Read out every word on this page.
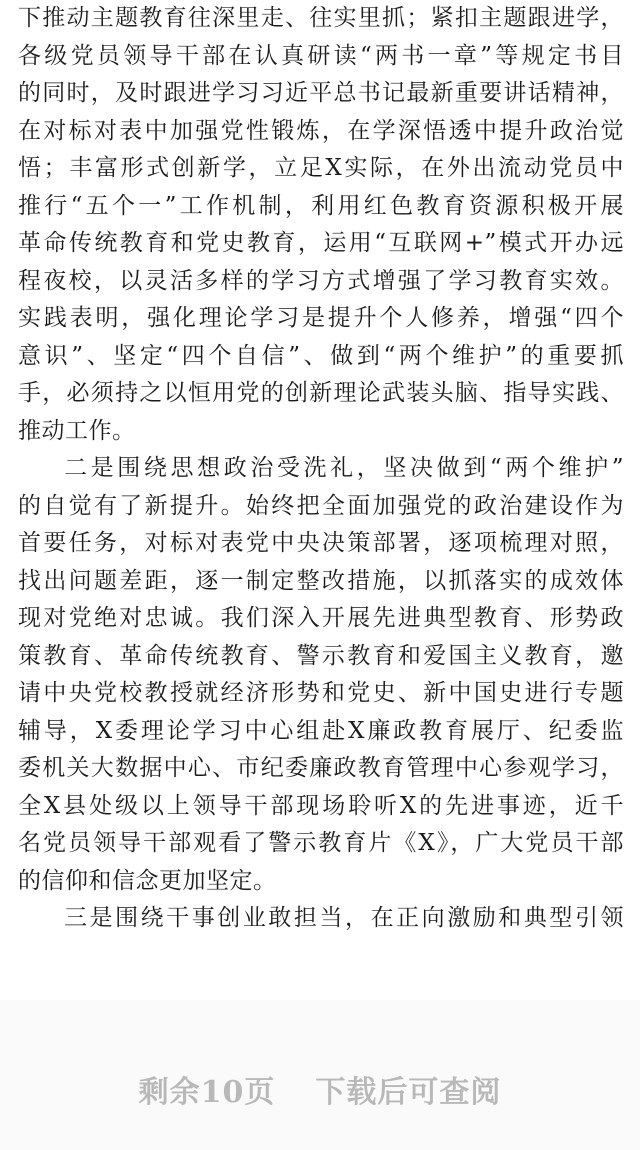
下推动主题教育往深里走、往实里抓；紧扣主题跟进学，
各级党员领导干部在认真研读“两书一章”等规定书目
的同时，及时跟进学习习近平总书记最新重要讲话精神，
在对标对表中加强党性锻炼，在学深悟透中提升政治觉
悟；丰富形式创新学，立足X实际，在外出流动党员中
推行“五个一”工作机制，利用红色教育资源积极开展
革命传统教育和党史教育，运用“互联网+”模式开办远
程夜校，以灵活多样的学习方式增强了学习教育实效。
实践表明，强化理论学习是提升个人修养，增强“四个
意识”、坚定“四个自信”、做到“两个维护”的重要抓
手，必须持之以恒用党的创新理论武装头脑、指导实践、
推动工作。
二是围绕思想政治受洗礼，坚决做到“两个维护”
的自觉有了新提升。始终把全面加强党的政治建设作为
首要任务，对标对表党中央决策部署，逐项梳理对照，
找出问题差距，逐一制定整改措施，以抓落实的成效体
现对党绝对忠诚。我们深入开展先进典型教育、形势政
策教育、革命传统教育、警示教育和爱国主义教育，邀
请中央党校教授就经济形势和党史、新中国史进行专题
辅导，X委理论学习中心组赴X廉政教育展厅、纪委监
委机关大数据中心、市纪委廉政教育管理中心参观学习，
全X县处级以上领导干部现场聆听X的先进事迹，近千
名党员领导干部观看了警示教育片《X》，广大党员干部
的信仰和信念更加坚定。
三是围绕干事创业敢担当，在正向激励和典型引领
剩余10页 下载后可查阅
